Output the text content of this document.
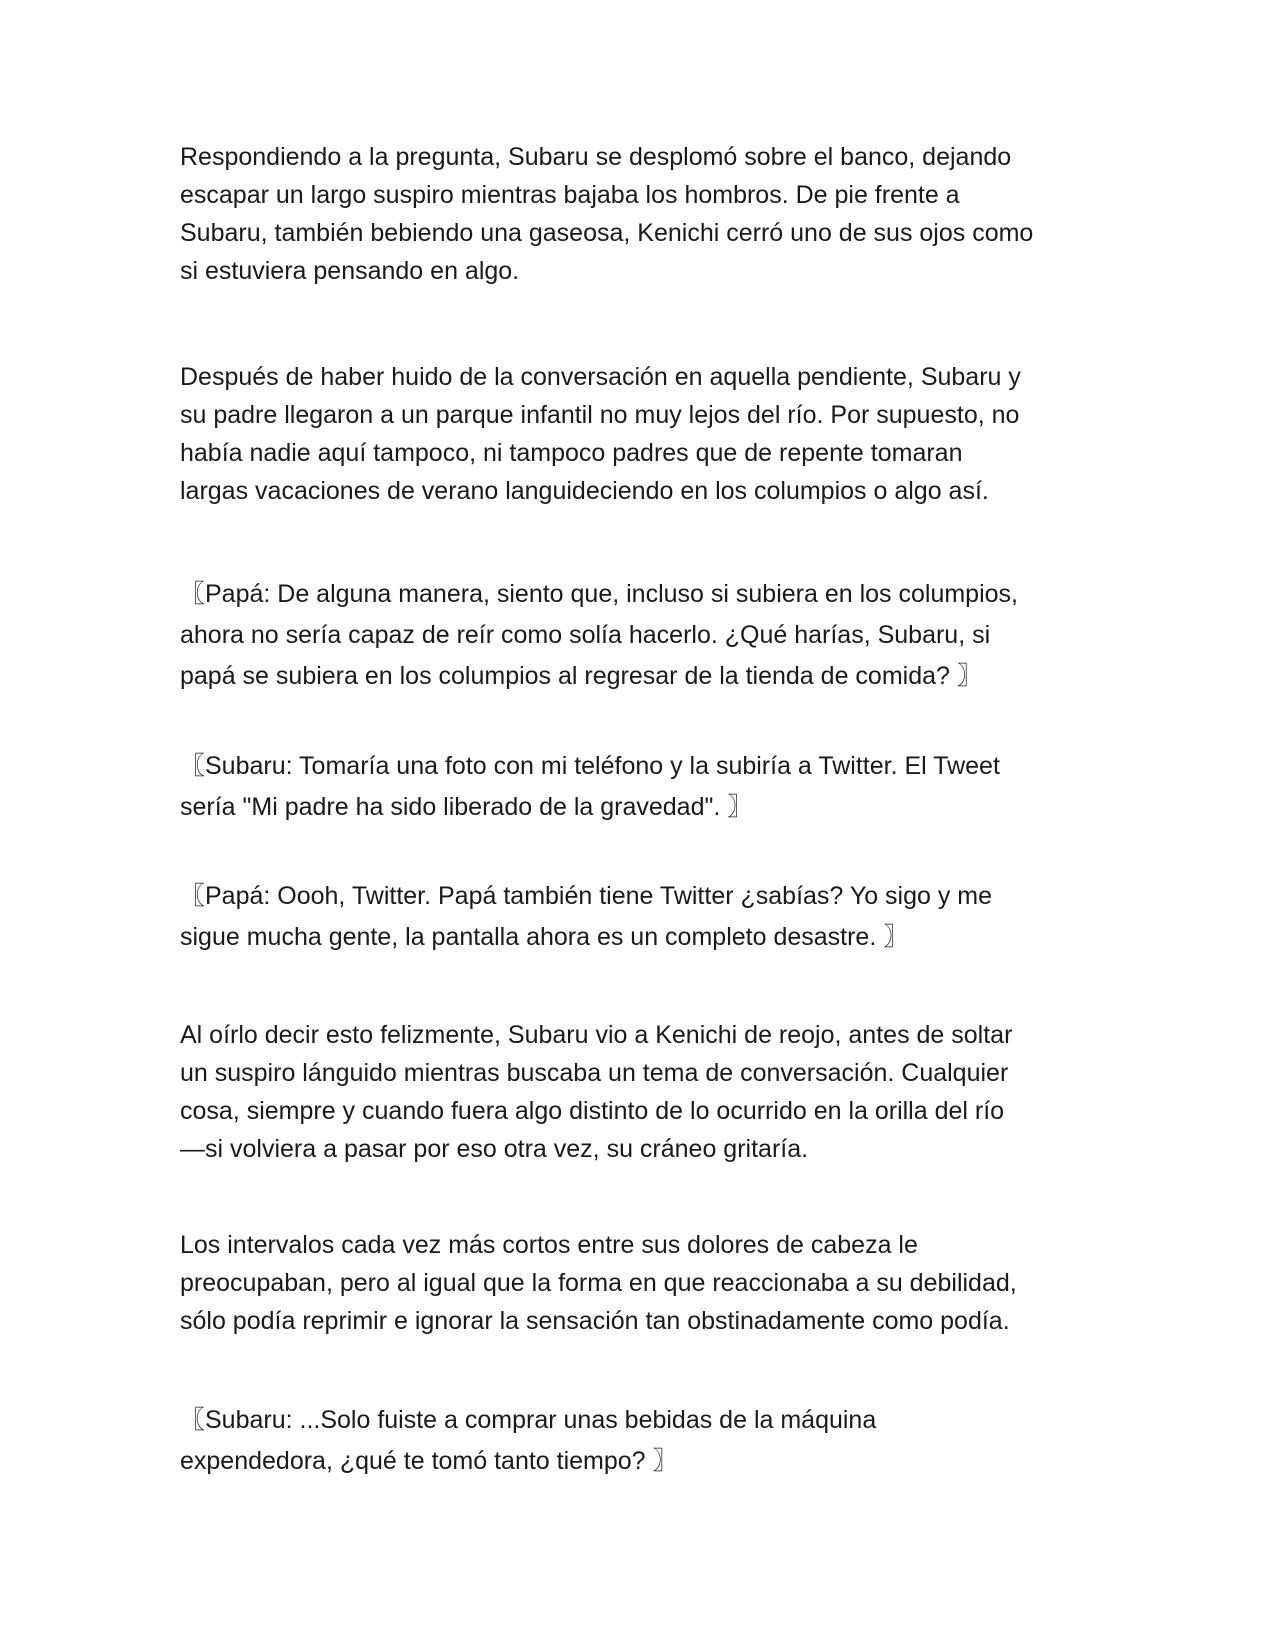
Respondiendo a la pregunta, Subaru se desplomó sobre el banco, dejando
escapar un largo suspiro mientras bajaba los hombros. De pie frente a
Subaru, también bebiendo una gaseosa, Kenichi cerró uno de sus ojos como
si estuviera pensando en algo.

Después de haber huido de la conversación en aquella pendiente, Subaru y
su padre llegaron a un parque infantil no muy lejos del río. Por supuesto, no
había nadie aquí tampoco, ni tampoco padres que de repente tomaran
largas vacaciones de verano languideciendo en los columpios o algo así.

〖Papá: De alguna manera, siento que, incluso si subiera en los columpios,
ahora no sería capaz de reír como solía hacerlo. ¿Qué harías, Subaru, si
papá se subiera en los columpios al regresar de la tienda de comida? 〗

〖Subaru: Tomaría una foto con mi teléfono y la subiría a Twitter. El Tweet
sería "Mi padre ha sido liberado de la gravedad". 〗

〖Papá: Oooh, Twitter. Papá también tiene Twitter ¿sabías? Yo sigo y me
sigue mucha gente, la pantalla ahora es un completo desastre. 〗

Al oírlo decir esto felizmente, Subaru vio a Kenichi de reojo, antes de soltar
un suspiro lánguido mientras buscaba un tema de conversación. Cualquier
cosa, siempre y cuando fuera algo distinto de lo ocurrido en la orilla del río
—si volviera a pasar por eso otra vez, su cráneo gritaría.

Los intervalos cada vez más cortos entre sus dolores de cabeza le
preocupaban, pero al igual que la forma en que reaccionaba a su debilidad,
sólo podía reprimir e ignorar la sensación tan obstinadamente como podía.

〖Subaru: ...Solo fuiste a comprar unas bebidas de la máquina
expendedora, ¿qué te tomó tanto tiempo? 〗
